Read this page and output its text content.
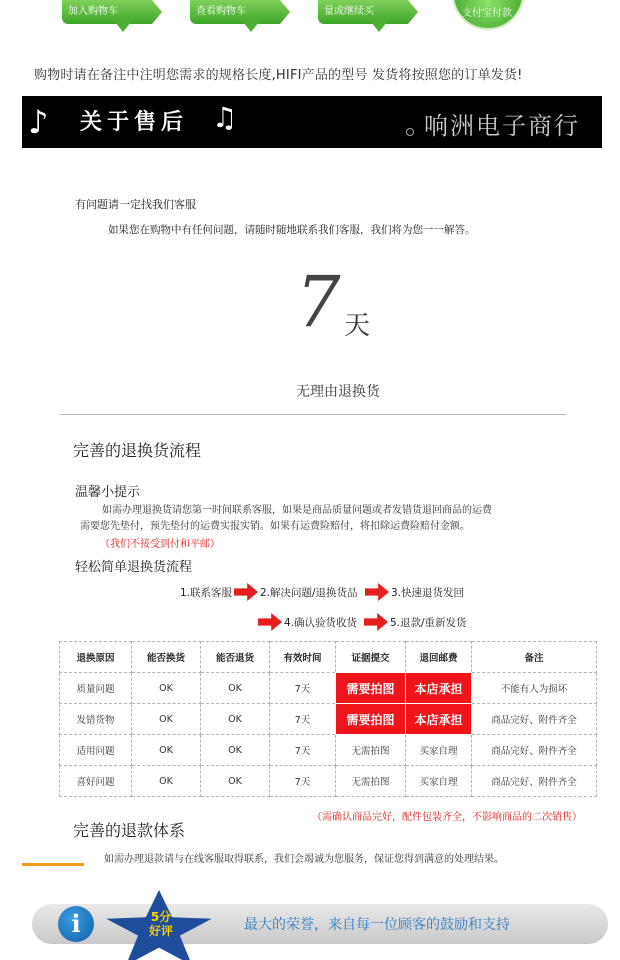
加入购物车	查看购物车	量或继续买	支付宝付款
购物时请在备注中注明您需求的规格长度,HIFI产品的型号 发货将按照您的订单发货!
♪ 关于售后 ♫	响洲电子商行
有问题请一定找我们客服
如果您在购物中有任何问题，请随时随地联系我们客服，我们将为您一一解答。
7 天
无理由退换货
完善的退换货流程
温馨小提示
如需办理退换货请您第一时间联系客服，如果是商品质量问题或者发错货退回商品的运费
需要您先垫付，预先垫付的运费实报实销。如果有运费险赔付，将扣除运费险赔付金额。
（我们不接受到付和平邮）
轻松简单退换货流程
1.联系客服	2.解决问题/退换货品	3.快速退货发回
4.确认验货收货	5.退款/重新发货
退换原因	能否换货	能否退货	有效时间	证据提交	退回邮费	备注
质量问题	OK	OK	7天	需要拍图	本店承担	不能有人为损坏
发错货物	OK	OK	7天	需要拍图	本店承担	商品完好、附件齐全
适用问题	OK	OK	7天	无需拍图	买家自理	商品完好、附件齐全
喜好问题	OK	OK	7天	无需拍图	买家自理	商品完好、附件齐全
（需确认商品完好，配件包装齐全，不影响商品的二次销售）
完善的退款体系
如需办理退款请与在线客服取得联系，我们会竭诚为您服务，保证您得到满意的处理结果。
i	5分
好评	最大的荣誉，来自每一位顾客的鼓励和支持
